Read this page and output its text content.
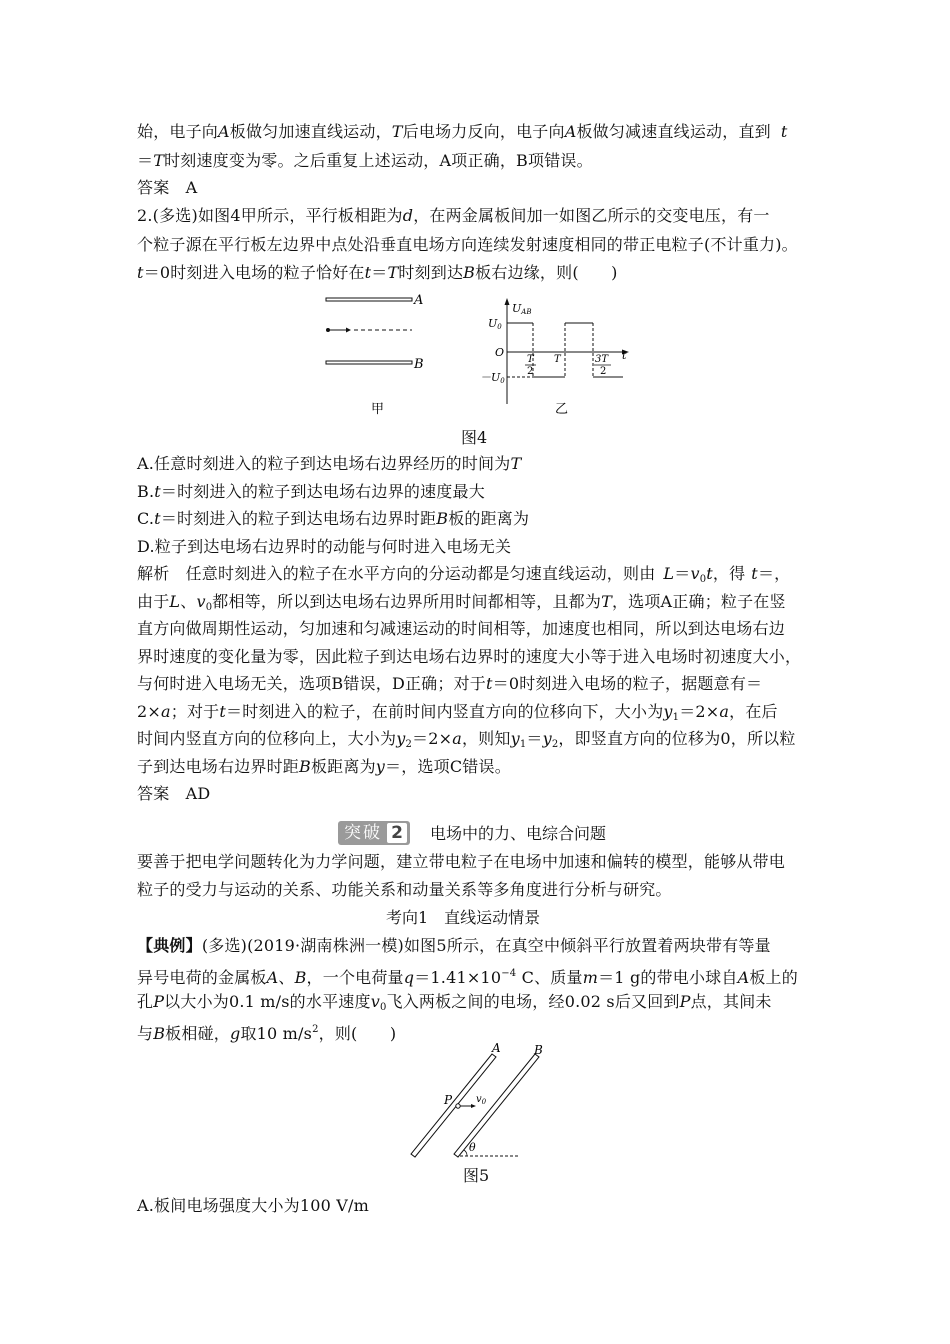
始，电子向A板做匀加速直线运动，T后电场力反向，电子向A板做匀减速直线运动，直到 t
＝T时刻速度变为零。之后重复上述运动，A项正确，B项错误。
答案　A
2.(多选)如图4甲所示，平行板相距为d，在两金属板间加一如图乙所示的交变电压，有一
个粒子源在平行板左边界中点处沿垂直电场方向连续发射速度相同的带正电粒子(不计重力)。
t＝0时刻进入电场的粒子恰好在t＝T时刻到达B板右边缘，则(　　)
A
B
甲
UAB
U0
－U0
O	t
T
2
T	3T
2
乙
图4
A.任意时刻进入的粒子到达电场右边界经历的时间为T
B.t＝时刻进入的粒子到达电场右边界的速度最大
C.t＝时刻进入的粒子到达电场右边界时距B板的距离为
D.粒子到达电场右边界时的动能与何时进入电场无关
解析　任意时刻进入的粒子在水平方向的分运动都是匀速直线运动，则由 $L=v_0t$，得 t＝，
由于L、$v_0$都相等，所以到达电场右边界所用时间都相等，且都为T，选项A正确；粒子在竖
直方向做周期性运动，匀加速和匀减速运动的时间相等，加速度也相同，所以到达电场右边
界时速度的变化量为零，因此粒子到达电场右边界时的速度大小等于进入电场时初速度大小，
与何时进入电场无关，选项B错误，D正确；对于t＝0时刻进入电场的粒子，据题意有＝
2×a；对于t＝时刻进入的粒子，在前时间内竖直方向的位移向下，大小为$y_1=2\times a$，在后
时间内竖直方向的位移向上，大小为$y_2=2\times a$，则知$y_1=y_2$，即竖直方向的位移为0，所以粒
子到达电场右边界时距B板距离为y＝，选项C错误。
答案　AD
突破 2 电场中的力、电综合问题
要善于把电学问题转化为力学问题，建立带电粒子在电场中加速和偏转的模型，能够从带电
粒子的受力与运动的关系、功能关系和动量关系等多角度进行分析与研究。
考向1　直线运动情景
【典例】(多选)(2019·湖南株洲一模)如图5所示，在真空中倾斜平行放置着两块带有等量
异号电荷的金属板A、B，一个电荷量$q=1.41\times 10^{-4}$ C、质量m＝1 g的带电小球自A板上的
孔P以大小为0.1 m/s的水平速度$v_0$飞入两板之间的电场，经0.02 s后又回到P点，其间未
与B板相碰，g取10 $m/s^2$，则(　　)
A	B
P $v_0$
θ
图5
A.板间电场强度大小为100 V/m
